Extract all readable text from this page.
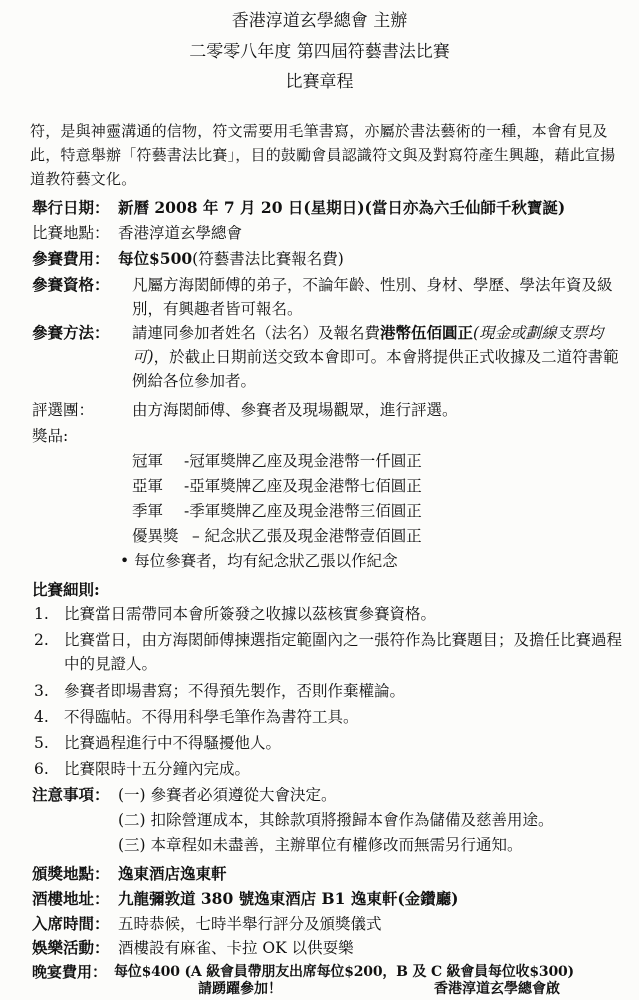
香港淳道玄學總會 主辦
二零零八年度 第四屆符藝書法比賽
比賽章程
符，是與神靈溝通的信物，符文需要用毛筆書寫，亦屬於書法藝術的一種，本會有見及此，特意舉辦「符藝書法比賽」，目的鼓勵會員認識符文與及對寫符產生興趣，藉此宣揚道教符藝文化。
舉行日期： 新曆 2008 年 7 月 20 日(星期日)(當日亦為六壬仙師千秋寶誕)
比賽地點： 香港淳道玄學總會
參賽費用： 每位$500(符藝書法比賽報名費)
參賽資格： 凡屬方海閎師傅的弟子，不論年齡、性別、身材、學歷、學法年資及級別，有興趣者皆可報名。
參賽方法： 請連同參加者姓名（法名）及報名費港幣伍佰圓正(現金或劃線支票均可)，於截止日期前送交致本會即可。本會將提供正式收據及二道符書範例給各位參加者。
評選團： 由方海閎師傅、參賽者及現場觀眾，進行評選。
獎品:
冠軍 -冠軍獎牌乙座及現金港幣一仟圓正
亞軍 -亞軍獎牌乙座及現金港幣七佰圓正
季軍 -季軍獎牌乙座及現金港幣三佰圓正
優異獎 – 紀念狀乙張及現金港幣壹佰圓正
• 每位參賽者，均有紀念狀乙張以作紀念
比賽細則:
1. 比賽當日需帶同本會所簽發之收據以茲核實參賽資格。
2. 比賽當日，由方海閎師傅揀選指定範圍內之一張符作為比賽題目；及擔任比賽過程中的見證人。
3. 參賽者即場書寫；不得預先製作，否則作棄權論。
4. 不得臨帖。不得用科學毛筆作為書符工具。
5. 比賽過程進行中不得騷擾他人。
6. 比賽限時十五分鐘內完成。
注意事項： (一) 參賽者必須遵從大會決定。
(二) 扣除營運成本，其餘款項將撥歸本會作為儲備及慈善用途。
(三) 本章程如未盡善，主辦單位有權修改而無需另行通知。
頒獎地點： 逸東酒店逸東軒
酒樓地址： 九龍彌敦道 380 號逸東酒店 B1 逸東軒(金鑽廳)
入席時間： 五時恭候，七時半舉行評分及頒獎儀式
娛樂活動： 酒樓設有麻雀、卡拉 OK 以供耍樂
晚宴費用： 每位$400 (A 級會員帶朋友出席每位$200，B 及 C 級會員每位收$300)
請踴躍參加！	香港淳道玄學總會啟
